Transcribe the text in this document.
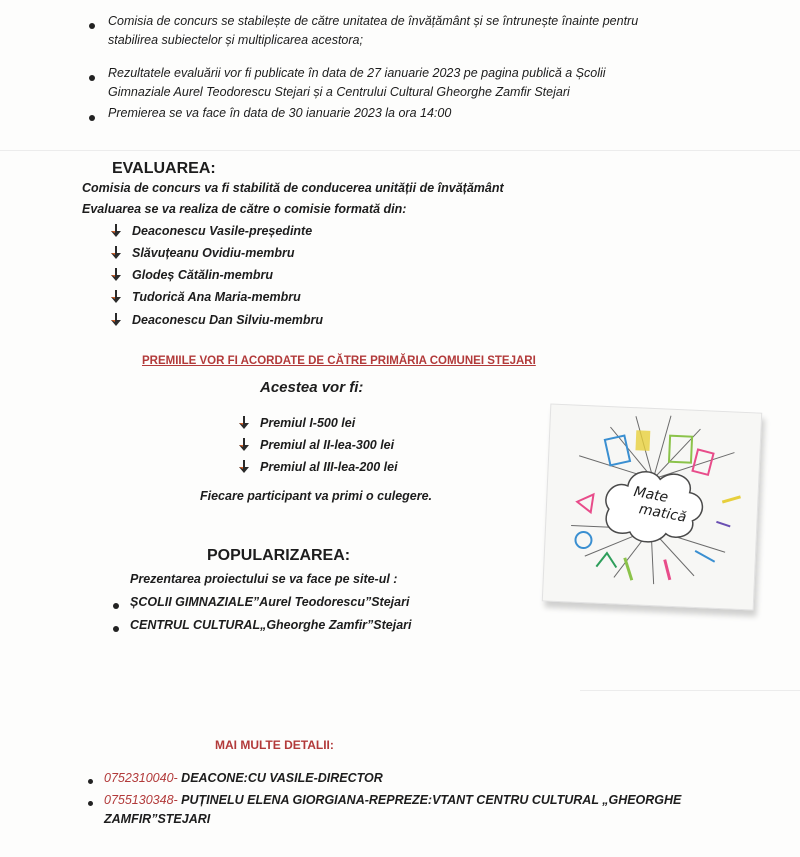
Comisia de concurs se stabilește de către unitatea de învățământ și se întrunește înainte pentru
stabilirea subiectelor și multiplicarea acestora;
Rezultatele evaluării vor fi publicate în data de 27 ianuarie 2023 pe pagina publică a Școlii
Gimnaziale Aurel Teodorescu Stejari și a Centrului Cultural Gheorghe Zamfir Stejari
Premierea se va face în data de 30 ianuarie 2023 la ora 14:00
EVALUAREA:
Comisia de concurs va fi stabilită de conducerea unității de învățământ
Evaluarea se va realiza de către o comisie formată din:
Deaconescu Vasile-președinte
Slăvuțeanu Ovidiu-membru
Glodeș Cătălin-membru
Tudorică Ana Maria-membru
Deaconescu Dan Silviu-membru
PREMIILE VOR FI ACORDATE DE CĂTRE PRIMĂRIA COMUNEI STEJARI
Acestea vor fi:
Premiul I-500 lei
Premiul al II-lea-300 lei
Premiul al III-lea-200 lei
Fiecare participant va primi o culegere.	Mate
matică
POPULARIZAREA:
Prezentarea proiectului se va face pe site-ul :
ȘCOLII GIMNAZIALE”Aurel Teodorescu”Stejari
CENTRUL CULTURAL„Gheorghe Zamfir”Stejari
MAI MULTE DETALII:
0752310040- DEACONE:CU VASILE-DIRECTOR
0755130348- PUȚINELU ELENA GIORGIANA-REPREZE:VTANT CENTRU CULTURAL „GHEORGHE
ZAMFIR”STEJARI
